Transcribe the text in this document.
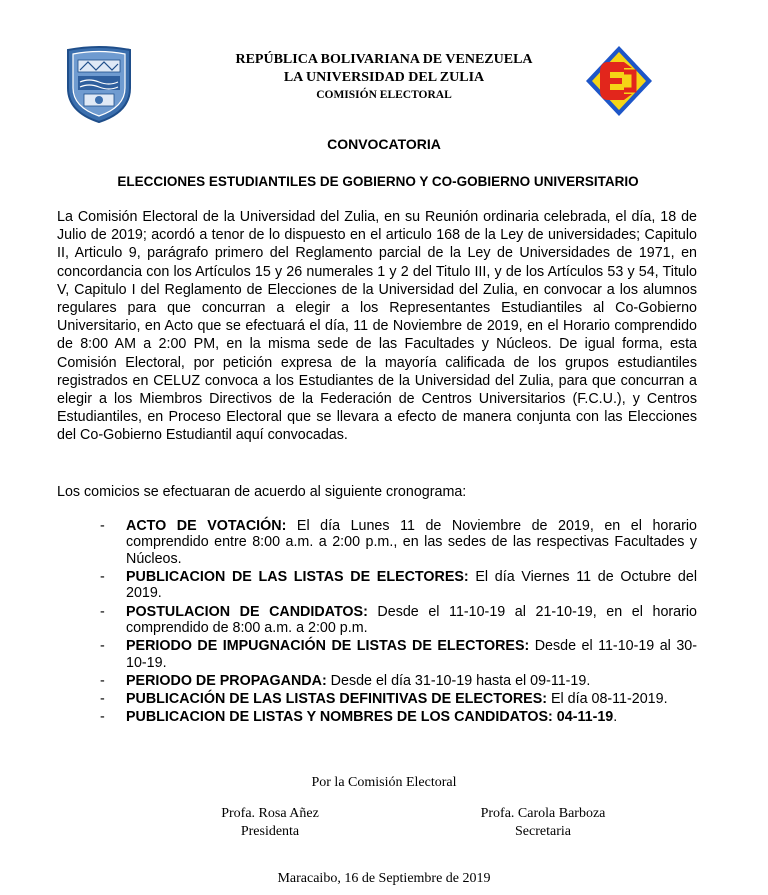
REPÚBLICA BOLIVARIANA DE VENEZUELA
LA UNIVERSIDAD DEL ZULIA
COMISIÓN ELECTORAL
CONVOCATORIA
ELECCIONES ESTUDIANTILES DE GOBIERNO Y CO-GOBIERNO UNIVERSITARIO
La Comisión Electoral de la Universidad del Zulia, en su Reunión ordinaria celebrada, el día, 18 de Julio de 2019; acordó a tenor de lo dispuesto en el articulo 168 de la Ley de universidades; Capitulo II, Articulo 9, parágrafo primero del Reglamento parcial de la Ley de Universidades de 1971, en concordancia con los Artículos 15 y 26 numerales 1 y 2 del Titulo III, y de los Artículos 53 y 54, Titulo V, Capitulo I del Reglamento de Elecciones de la Universidad del Zulia, en convocar a los alumnos regulares para que concurran a elegir a los Representantes Estudiantiles al Co-Gobierno Universitario, en Acto que se efectuará el día, 11 de Noviembre de 2019, en el Horario comprendido de 8:00 AM a 2:00 PM, en la misma sede de las Facultades y Núcleos. De igual forma, esta Comisión Electoral, por petición expresa de la mayoría calificada de los grupos estudiantiles registrados en CELUZ convoca a los Estudiantes de la Universidad del Zulia, para que concurran a elegir a los Miembros Directivos de la Federación de Centros Universitarios (F.C.U.), y Centros Estudiantiles, en Proceso Electoral que se llevara a efecto de manera conjunta con las Elecciones del Co-Gobierno Estudiantil aquí convocadas.
Los comicios se efectuaran de acuerdo al siguiente cronograma:
- ACTO DE VOTACIÓN: El día Lunes 11 de Noviembre de 2019, en el horario comprendido entre 8:00 a.m. a 2:00 p.m., en las sedes de las respectivas Facultades y Núcleos.
- PUBLICACION DE LAS LISTAS DE ELECTORES: El día Viernes 11 de Octubre del 2019.
- POSTULACION DE CANDIDATOS: Desde el 11-10-19 al 21-10-19, en el horario comprendido de 8:00 a.m. a 2:00 p.m.
- PERIODO DE IMPUGNACIÓN DE LISTAS DE ELECTORES: Desde el 11-10-19 al 30-10-19.
- PERIODO DE PROPAGANDA: Desde el día 31-10-19 hasta el 09-11-19.
- PUBLICACIÓN DE LAS LISTAS DEFINITIVAS DE ELECTORES: El día 08-11-2019.
- PUBLICACION DE LISTAS Y NOMBRES DE LOS CANDIDATOS: 04-11-19.
Por la Comisión Electoral
Profa. Rosa Añez
Presidenta
Profa. Carola Barboza
Secretaria
Maracaibo, 16 de Septiembre de 2019
